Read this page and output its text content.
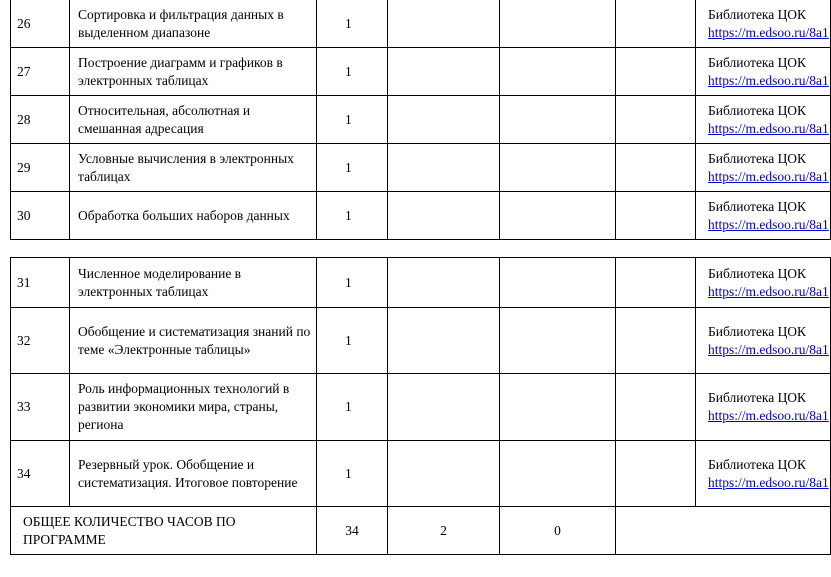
26	Сортировка и фильтрация данных в выделенном диапазоне	1				Библиотека ЦОК
https://m.edsoo.ru/8a1

27	Построение диаграмм и графиков в электронных таблицах	1				Библиотека ЦОК
https://m.edsoo.ru/8a1

28	Относительная, абсолютная и смешанная адресация	1				Библиотека ЦОК
https://m.edsoo.ru/8a1

29	Условные вычисления в электронных таблицах	1				Библиотека ЦОК
https://m.edsoo.ru/8a1

30	Обработка больших наборов данных	1				Библиотека ЦОК
https://m.edsoo.ru/8a1
31	Численное моделирование в электронных таблицах	1				Библиотека ЦОК
https://m.edsoo.ru/8a1

32	Обобщение и систематизация знаний по теме «Электронные таблицы»	1				Библиотека ЦОК
https://m.edsoo.ru/8a1

33	Роль информационных технологий в развитии экономики мира, страны, региона	1				Библиотека ЦОК
https://m.edsoo.ru/8a1

34	Резервный урок. Обобщение и систематизация. Итоговое повторение	1				Библиотека ЦОК
https://m.edsoo.ru/8a1

ОБЩЕЕ КОЛИЧЕСТВО ЧАСОВ ПО ПРОГРАММЕ		34	2	0		
